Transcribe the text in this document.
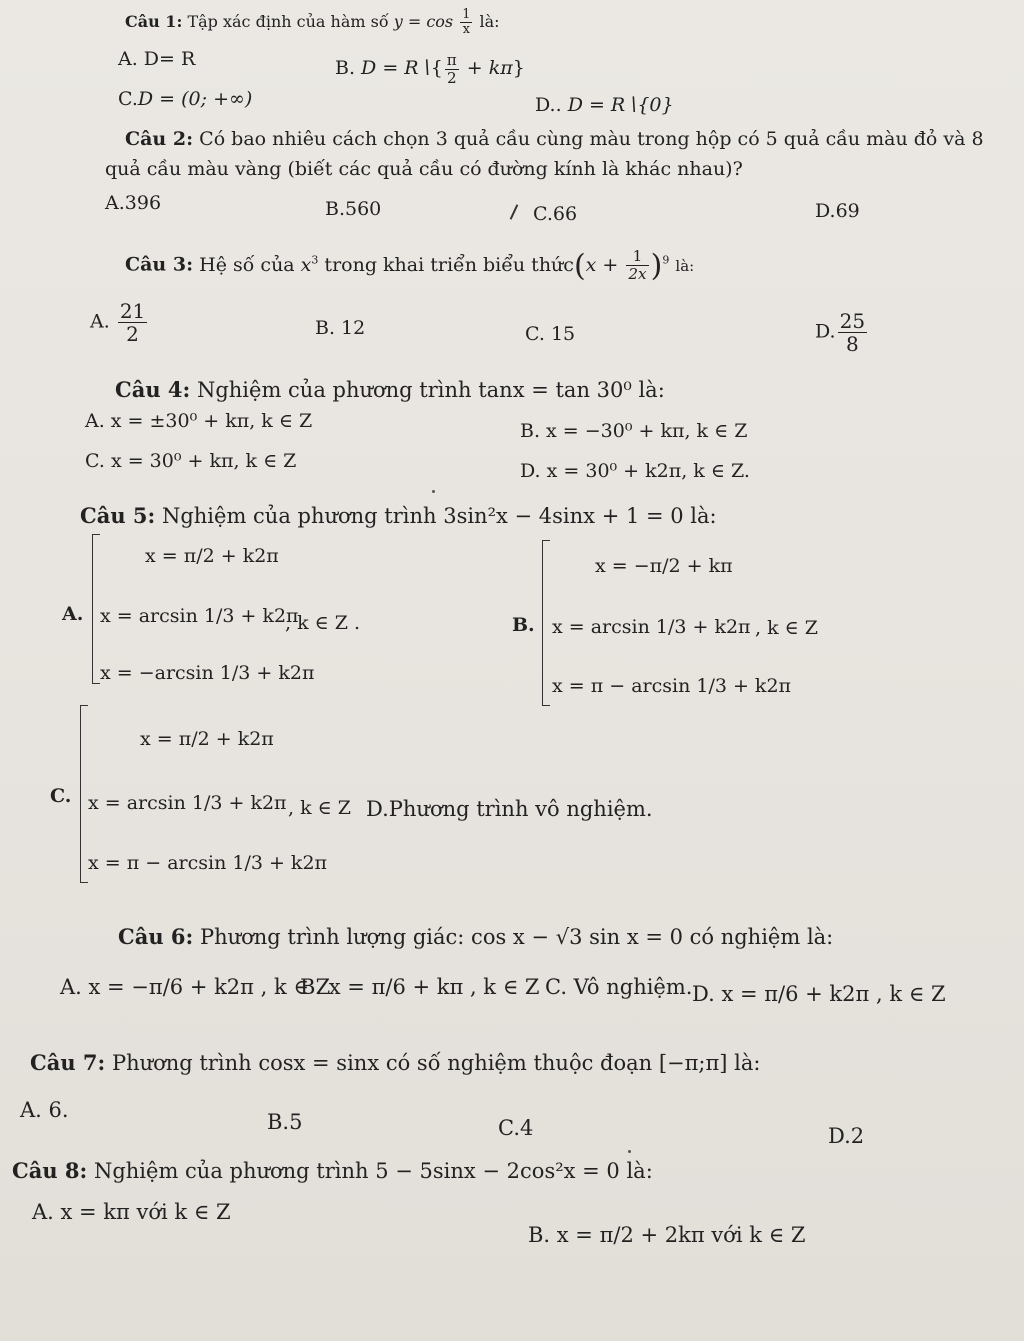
Câu 1: Tập xác định của hàm số $y = \cos \frac{1}{x}$ là:
A. D= R	B. D = R∖{ $\frac{\pi}{2} + k\pi$}
C.D = (0; +∞)	D.. D = R∖{0}
Câu 2: Có bao nhiêu cách chọn 3 quả cầu cùng màu trong hộp có 5 quả cầu màu đỏ và 8
quả cầu màu vàng (biết các quả cầu có đường kính là khác nhau)?
A.396	B.560	C.66	D.69
Câu 3: Hệ số của $x^3$ trong khai triển biểu thức(x + $\frac{1}{2x} )^9$ là:
A. $\frac{21}{2}$	B. 12	C. 15	D. $\frac{25}{8}$
Câu 4: Nghiệm của phương trình tanx = tan 30⁰ là:
A. x = ±30⁰ + kπ, k ∈ Z	B. x = −30⁰ + kπ, k ∈ Z
C. x = 30⁰ + kπ, k ∈ Z	D. x = 30⁰ + k2π, k ∈ Z.
Câu 5: Nghiệm của phương trình 3sin²x − 4sinx + 1 = 0 là:
A.
x = π/2 + k2π
x = arcsin 1/3 + k2π
x = −arcsin 1/3 + k2π
, k ∈ Z .	B.
x = −π/2 + kπ
x = arcsin 1/3 + k2π
x = π − arcsin 1/3 + k2π
, k ∈ Z
C.
x = π/2 + k2π
x = arcsin 1/3 + k2π
x = π − arcsin 1/3 + k2π
, k ∈ Z D.Phương trình vô nghiệm.
Câu 6: Phương trình lượng giác: cos x − √3 sin x = 0 có nghiệm là:
A. x = −π/6 + k2π , k ∈ Z
B. x = π/6 + kπ , k ∈ Z C. Vô nghiệm. D. x = π/6 + k2π , k ∈ Z
Câu 7: Phương trình cosx = sinx có số nghiệm thuộc đoạn [−π;π] là:
A. 6.	B.5	C.4	D.2
Câu 8: Nghiệm của phương trình 5 − 5sinx − 2cos²x = 0 là:
A. x = kπ với k ∈ Z
B. x = π/2 + 2kπ với k ∈ Z
